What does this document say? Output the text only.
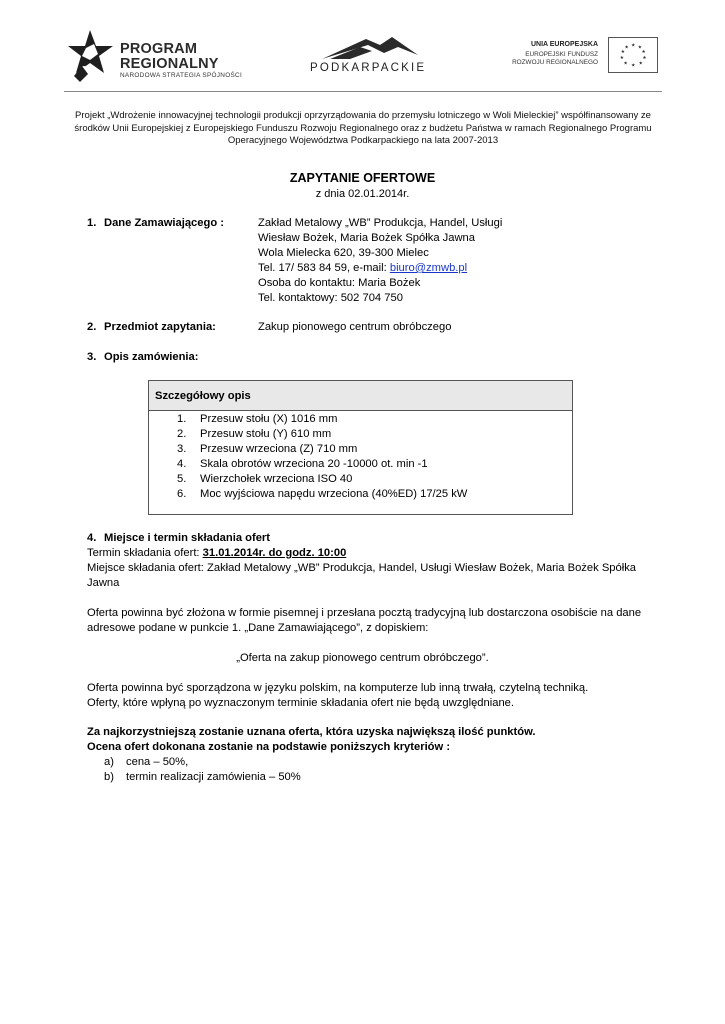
PROGRAM
REGIONALNY
NARODOWA STRATEGIA SPÓJNOŚCI
PODKARPACKIE
UNIA EUROPEJSKA
EUROPEJSKI FUNDUSZ
ROZWOJU REGIONALNEGO
★ ★
★
★
★
★
★
★
★
★
Projekt „Wdrożenie innowacyjnej technologii produkcji oprzyrządowania do przemysłu lotniczego w Woli Mieleckiej” współfinansowany ze środków Unii Europejskiej z Europejskiego Funduszu Rozwoju Regionalnego oraz z budżetu Państwa w ramach Regionalnego Programu Operacyjnego Województwa Podkarpackiego na lata 2007-2013
ZAPYTANIE OFERTOWE
z dnia 02.01.2014r.
1. Dane Zamawiającego :	Zakład Metalowy „WB” Produkcja, Handel, Usługi
Wiesław Bożek, Maria Bożek Spółka Jawna
Wola Mielecka 620, 39-300 Mielec
Tel. 17/ 583 84 59, e-mail: biuro@zmwb.pl
Osoba do kontaktu: Maria Bożek
Tel. kontaktowy: 502 704 750
2. Przedmiot zapytania:	Zakup pionowego centrum obróbczego
3. Opis zamówienia:
Szczegółowy opis
1. Przesuw stołu (X) 1016 mm
2. Przesuw stołu (Y) 610 mm
3. Przesuw wrzeciona (Z) 710 mm
4. Skala obrotów wrzeciona 20 -10000 ot. min -1
5. Wierzchołek wrzeciona ISO 40
6. Moc wyjściowa napędu wrzeciona (40%ED) 17/25 kW
4. Miejsce i termin składania ofert
Termin składania ofert: 31.01.2014r. do godz. 10:00
Miejsce składania ofert: Zakład Metalowy „WB” Produkcja, Handel, Usługi Wiesław Bożek, Maria Bożek Spółka
Jawna
Oferta powinna być złożona w formie pisemnej i przesłana pocztą tradycyjną lub dostarczona osobiście na dane
adresowe podane w punkcie 1. „Dane Zamawiającego”, z dopiskiem:
„Oferta na zakup pionowego centrum obróbczego”.
Oferta powinna być sporządzona w języku polskim, na komputerze lub inną trwałą, czytelną techniką.
Oferty, które wpłyną po wyznaczonym terminie składania ofert nie będą uwzględniane.
Za najkorzystniejszą zostanie uznana oferta, która uzyska największą ilość punktów.
Ocena ofert dokonana zostanie na podstawie poniższych kryteriów :
a) cena – 50%,
b) termin realizacji zamówienia – 50%
